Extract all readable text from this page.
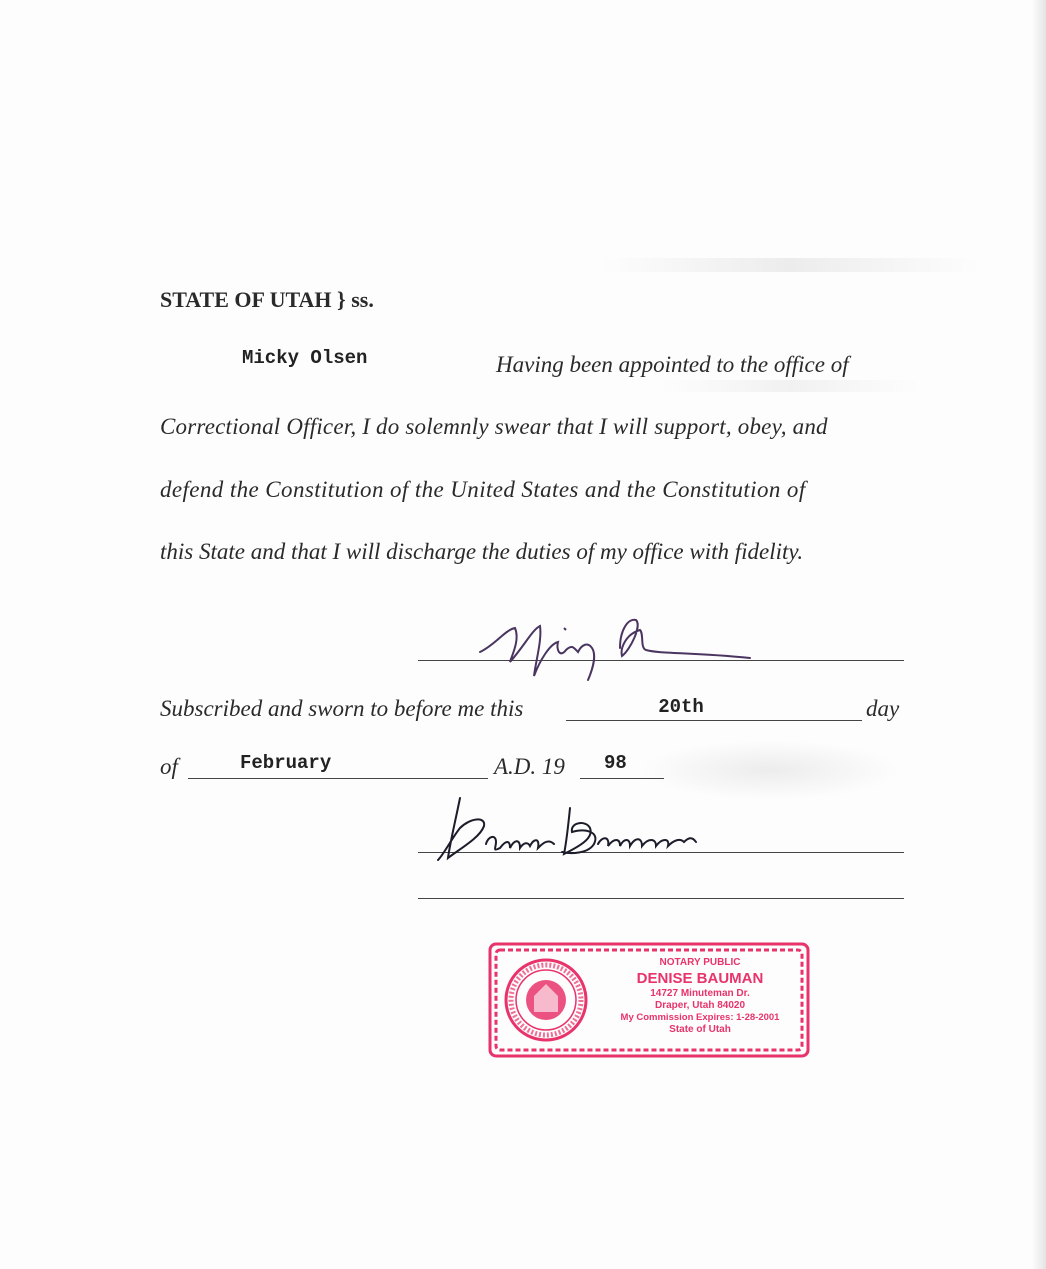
STATE OF UTAH } ss.
Micky Olsen	Having been appointed to the office of
Correctional Officer, I do solemnly swear that I will support, obey, and
defend the Constitution of the United States and the Constitution of
this State and that I will discharge the duties of my office with fidelity.
Subscribed and sworn to before me this	20th	day
of	February	A.D. 19 98
NOTARY PUBLIC
DENISE BAUMAN
14727 Minuteman Dr.
Draper, Utah 84020
My Commission Expires: 1-28-2001
State of Utah
